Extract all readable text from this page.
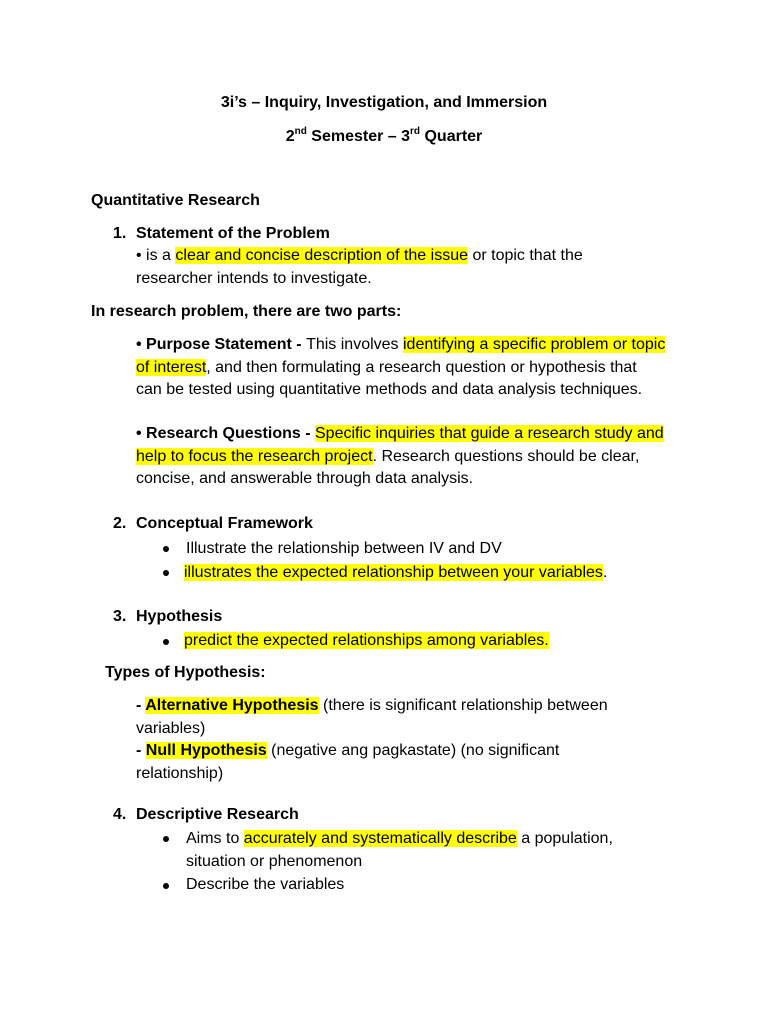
3i’s – Inquiry, Investigation, and Immersion
2nd Semester – 3rd Quarter
Quantitative Research
1. Statement of the Problem
• is a clear and concise description of the issue or topic that the researcher intends to investigate.
In research problem, there are two parts:
• Purpose Statement - This involves identifying a specific problem or topic of interest, and then formulating a research question or hypothesis that can be tested using quantitative methods and data analysis techniques.
• Research Questions - Specific inquiries that guide a research study and help to focus the research project. Research questions should be clear, concise, and answerable through data analysis.
2. Conceptual Framework
Illustrate the relationship between IV and DV
illustrates the expected relationship between your variables.
3. Hypothesis
predict the expected relationships among variables.
Types of Hypothesis:
- Alternative Hypothesis (there is significant relationship between variables)
- Null Hypothesis (negative ang pagkastate) (no significant relationship)
4. Descriptive Research
Aims to accurately and systematically describe a population, situation or phenomenon
Describe the variables
